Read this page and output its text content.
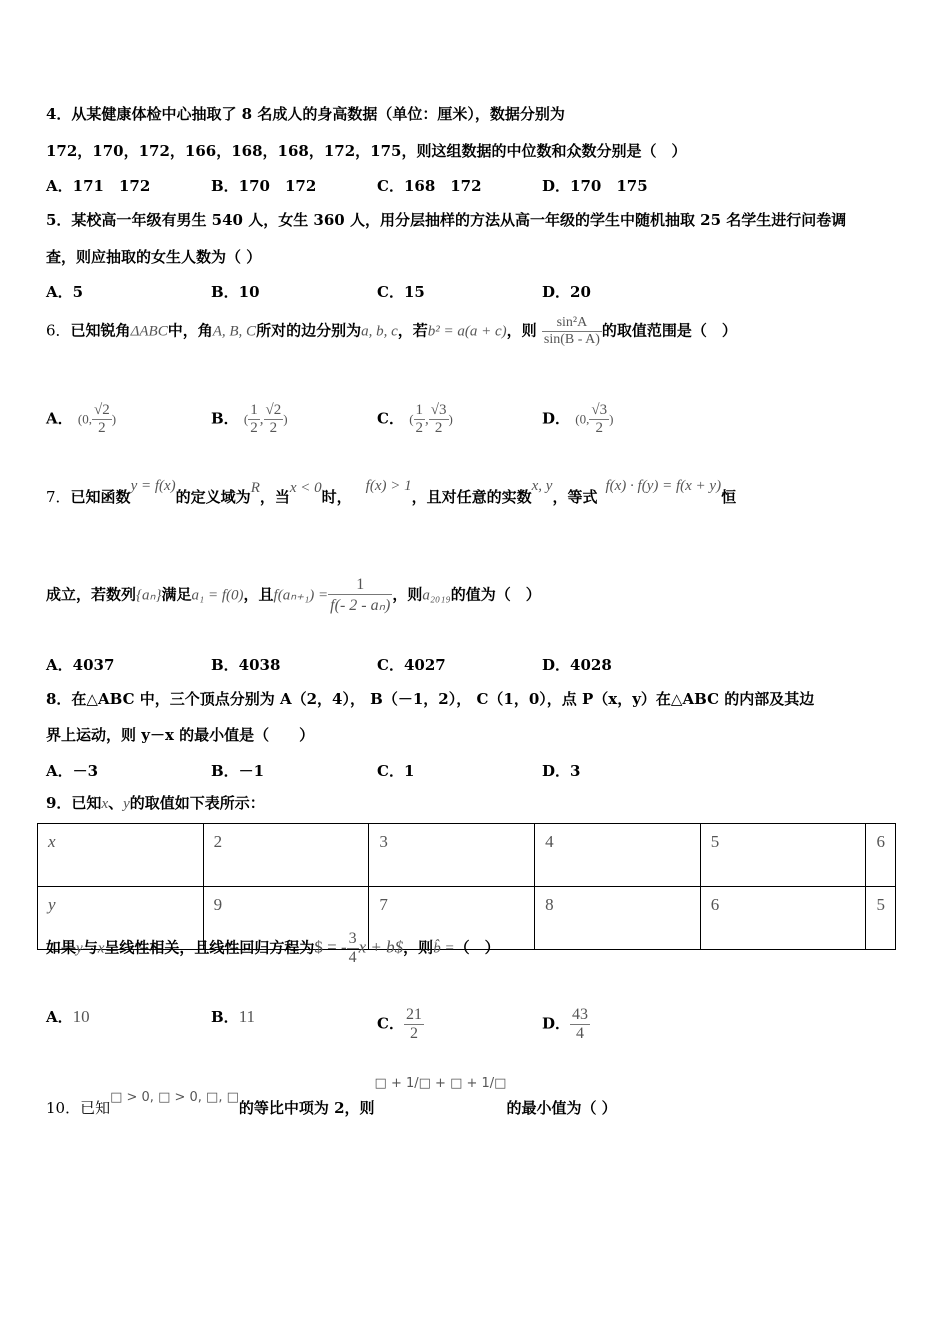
4．从某健康体检中心抽取了 8 名成人的身高数据（单位：厘米），数据分别为
172，170，172，166，168，168，172，175，则这组数据的中位数和众数分别是（　）
A．171　172	B．170　172	C．168　172	D．170　175
5．某校高一年级有男生 540 人，女生 360 人，用分层抽样的方法从高一年级的学生中随机抽取 25 名学生进行问卷调
查，则应抽取的女生人数为（ ）
A．5	B．10	C．15	D．20
6．已知锐角ΔABC中，角A, B, C所对的边分别为a, b, c，若b² = a(a + c)，则 $\frac{\text{sin²A}}{\sin(B - A)}$ 的取值范围是（　）
A． (0, $\frac{√2}{2}$ )	B． ( $\frac{1}{2}$ , $\frac{√2}{2}$ )	C． ( $\frac{1}{2}$ , $\frac{√3}{2}$ )	D． (0, $\frac{√3}{2}$ )
7．已知函数y = f(x)的定义域为R，当x < 0时，f(x) > 1，且对任意的实数x, y，等式f(x) · f(y) = f(x + y)恒
成立，若数列{aₙ}满足a₁ = f(0)，且$f(a_{n+1}) = \frac{1}{\text{f(- 2 - aₙ)}}$ ，则a₂₀₁₉的值为（　）
A．4037	B．4038	C．4027	D．4028
8．在△ABC 中，三个顶点分别为 A（2，4）， B（－1，2）， C（1，0），点 P（x，y）在△ABC 的内部及其边
界上运动，则 y－x 的最小值是（　　）
A．－3	B．－1	C．1	D．3
9．已知x、y的取值如下表所示：
x	2	3	4	5	6
y	9	7	8	6	5
如果y与x呈线性相关，且线性回归方程为$ = - $\frac{3}{4}$ x + b$，则b̂ =（　）
A．10	B．11	C． $\frac{21}{2}$	D． $\frac{43}{4}$
10．已知□ > 0, □ > 0, □, □的等比中项为 2，则□ + 1/□ + □ + 1/□的最小值为（ ）
